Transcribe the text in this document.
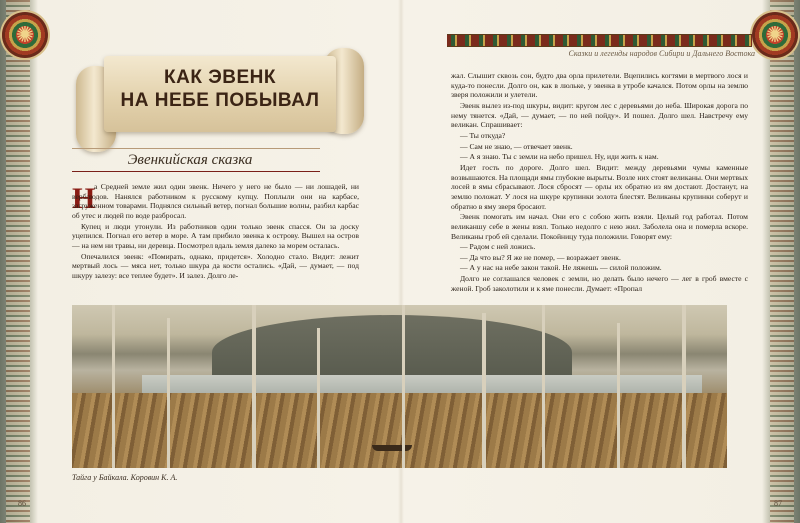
✺
✺
Сказки и легенды народов Сибири и Дальнего Востока
КАК ЭВЕНК
НА НЕБЕ ПОБЫВАЛ
Эвенкийская сказка
Н

а Средней земле жил один эвенк. Ничего у него не было — ни лошадей, ни верблюдов. Нанялся работником к русскому купцу. Поплыли они на карбасе, загруженном товарами. Поднялся сильный ветер, погнал большие волны, разбил карбас об утес и людей по воде разбросал.

Купец и люди утонули. Из работников один только эвенк спасся. Он за доску уцепился. Погнал его ветер в море. А там прибило эвенка к острову. Вышел на остров — на нем ни травы, ни деревца. Посмотрел вдаль земля далеко за морем осталась.

Опечалился эвенк: «Помирать, однако, придется». Холодно стало. Видит: лежит мертвый лось — мяса нет, только шкура да кости остались. «Дай, — думает, — под шкуру залезу: все теплее будет». И залез. Долго ле-

жал. Слышит сквозь сон, будто два орла прилетели. Вцепились когтями в мертвого лося и куда-то понесли. Долго он, как в люльке, у эвенка в утробе качался. Потом орлы на землю зверя положили и улетели.

Эвенк вылез из-под шкуры, видит: кругом лес с деревьями до неба. Широкая дорога по нему тянется. «Дай, — думает, — по ней пойду». И пошел. Долго шел. Навстречу ему великан. Спрашивает:

— Ты откуда?

— Сам не знаю, — отвечает эвенк.

— А я знаю. Ты с земли на небо пришел. Ну, иди жить к нам.

Идет гость по дороге. Долго шел. Видит: между деревьями чумы каменные возвышаются. На площади ямы глубокие вырыты. Возле них стоят великаны. Они мертвых лосей в ямы сбрасывают. Лося сбросят — орлы их обратно из ям достают. Достанут, на землю положат. У лося на шкуре крупинки золота блестят. Великаны крупинки соберут и обратно в яму зверя бросают.

Эвенк помогать им начал. Они его с собою жить взяли. Целый год работал. Потом великаншу себе в жены взял. Только недолго с нею жил. Заболела она и померла вскоре. Великаны гроб ей сделали. Покойницу туда положили. Говорят ему:

— Радом с ней ложись.

— Да что вы? Я же не помер, — возражает эвенк.

— А у нас на небе закон такой. Не ляжешь — силой положим.

Долго не соглашался человек с земли, но делать было нечего — лег в гроб вместе с женой. Гроб заколотили и к яме понесли. Думает: «Пропал

Тайга у Байкала. Коровин К. А.
86	87
